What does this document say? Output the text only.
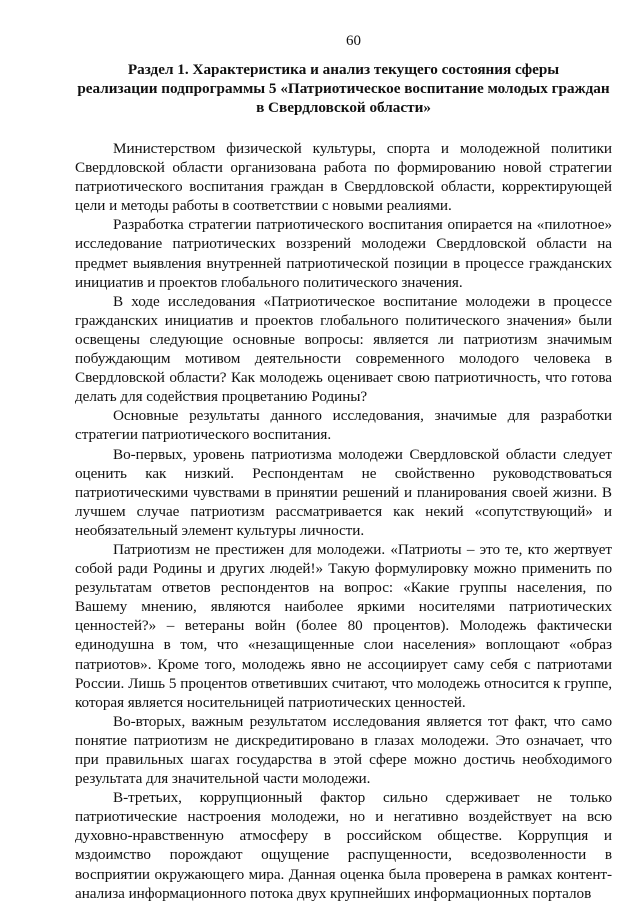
60
Раздел 1. Характеристика и анализ текущего состояния сферы
реализации подпрограммы 5 «Патриотическое воспитание молодых граждан
в Свердловской области»

Министерством физической культуры, спорта и молодежной политики Свердловской области организована работа по формированию новой стратегии патриотического воспитания граждан в Свердловской области, корректирующей цели и методы работы в соответствии с новыми реалиями.

Разработка стратегии патриотического воспитания опирается на «пилотное» исследование патриотических воззрений молодежи Свердловской области на предмет выявления внутренней патриотической позиции в процессе гражданских инициатив и проектов глобального политического значения.

В ходе исследования «Патриотическое воспитание молодежи в процессе гражданских инициатив и проектов глобального политического значения» были освещены следующие основные вопросы: является ли патриотизм значимым побуждающим мотивом деятельности современного молодого человека в Свердловской области? Как молодежь оценивает свою патриотичность, что готова делать для содействия процветанию Родины?

Основные результаты данного исследования, значимые для разработки стратегии патриотического воспитания.

Во-первых, уровень патриотизма молодежи Свердловской области следует оценить как низкий. Респондентам не свойственно руководствоваться патриотическими чувствами в принятии решений и планирования своей жизни. В лучшем случае патриотизм рассматривается как некий «сопутствующий» и необязательный элемент культуры личности.

Патриотизм не престижен для молодежи. «Патриоты – это те, кто жертвует собой ради Родины и других людей!» Такую формулировку можно применить по результатам ответов респондентов на вопрос: «Какие группы населения, по Вашему мнению, являются наиболее яркими носителями патриотических ценностей?» – ветераны войн (более 80 процентов). Молодежь фактически единодушна в том, что «незащищенные слои населения» воплощают «образ патриотов». Кроме того, молодежь явно не ассоциирует саму себя с патриотами России. Лишь 5 процентов ответивших считают, что молодежь относится к группе, которая является носительницей патриотических ценностей.

Во-вторых, важным результатом исследования является тот факт, что само понятие патриотизм не дискредитировано в глазах молодежи. Это означает, что при правильных шагах государства в этой сфере можно достичь необходимого результата для значительной части молодежи.

В-третьих, коррупционный фактор сильно сдерживает не только патриотические настроения молодежи, но и негативно воздействует на всю духовно-нравственную атмосферу в российском обществе. Коррупция и мздоимство порождают ощущение распущенности, вседозволенности в восприятии окружающего мира. Данная оценка была проверена в рамках контент-анализа информационного потока двух крупнейших информационных порталов
